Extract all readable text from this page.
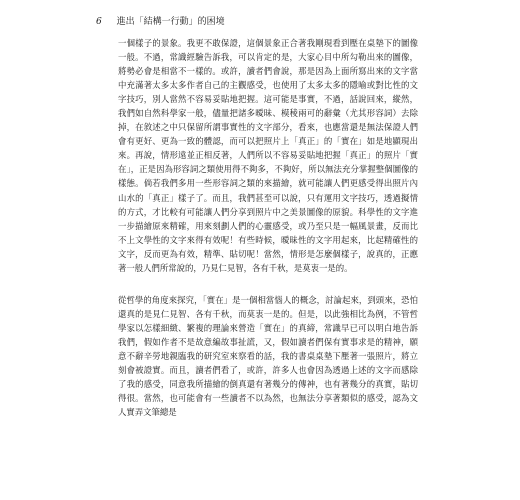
6 進出「結構一行動」的困境

一個樣子的景象。我更不敢保證，這個景象正合著我剛現看到壓在桌墊下的圖像一般。不過，常識經驗告訴我，可以肯定的是，大家心目中所勾勒出來的圖像，將勢必會是相當不一樣的。或許，讀者們會說，那是因為上面所寫出來的文字當中充滿著太多太多作者自己的主觀感受，也使用了太多太多的隱喻或對比性的文字技巧，別人當然不容易妥貼地把握。這可能是事實，不過，話說回來，縱然，我們如自然科學家一般，儘量把諸多曖昧、模稜兩可的辭彙（尤其形容詞）去除掉，在敘述之中只保留所謂事實性的文字部分，看來，也應當還是無法保證人們會有更好、更為一致的體認，而可以把照片上「真正」的「實在」如是地顯現出來。再說，情形遠並正相反著，人們所以不容易妥貼地把握「真正」的照片「實在」，正是因為形容詞之類使用得不夠多，不夠好，所以無法充分掌握整個圖像的樣態。倘若我們多用一些形容詞之類的來描繪，就可能讓人們更感受得出照片內山水的「真正」樣子了。而且，我們甚至可以說，只有運用文字技巧，透過擬情的方式，才比較有可能讓人們分享到照片中之美景圖像的原貌。科學性的文字進一步描繪原來精確，用來刻劃人們的心靈感受，或乃至只是一幅風景畫，反而比不上文學性的文字來得有效呢！有些時候，曖昧性的文字用起來，比起精確性的文字，反而更為有效，精準、貼切呢！當然，情形是怎麼個樣子，說真的，正應著一般人們所常說的，乃見仁見智，各有千秋，是莫衷一是的。

從哲學的角度來探究，「實在」是一個相當惱人的概念，討論起來，到頭來，恐怕還真的是見仁見智、各有千秋，而莫衷一是的。但是，以此強相比為例，不管哲學家以怎樣細緻、繁複的理論來營造「實在」的真締，常識早已可以明白地告訴我們，假如作者不是故意編故事扯謊，又，假如讀者們保有實事求是的精神，願意不辭辛勞地親臨我的研究室來察看的話，我的書桌桌墊下壓著一張照片，將立刻會被證實。而且，讀者們看了，或許，許多人也會因為透過上述的文字而感除了我的感受，同意我所描繪的倒真還有著幾分的傳神，也有著幾分的真實，貼切得很。當然，也可能會有一些讀者不以為然，也無法分享著類似的感受，認為文人實弄文筆總是
